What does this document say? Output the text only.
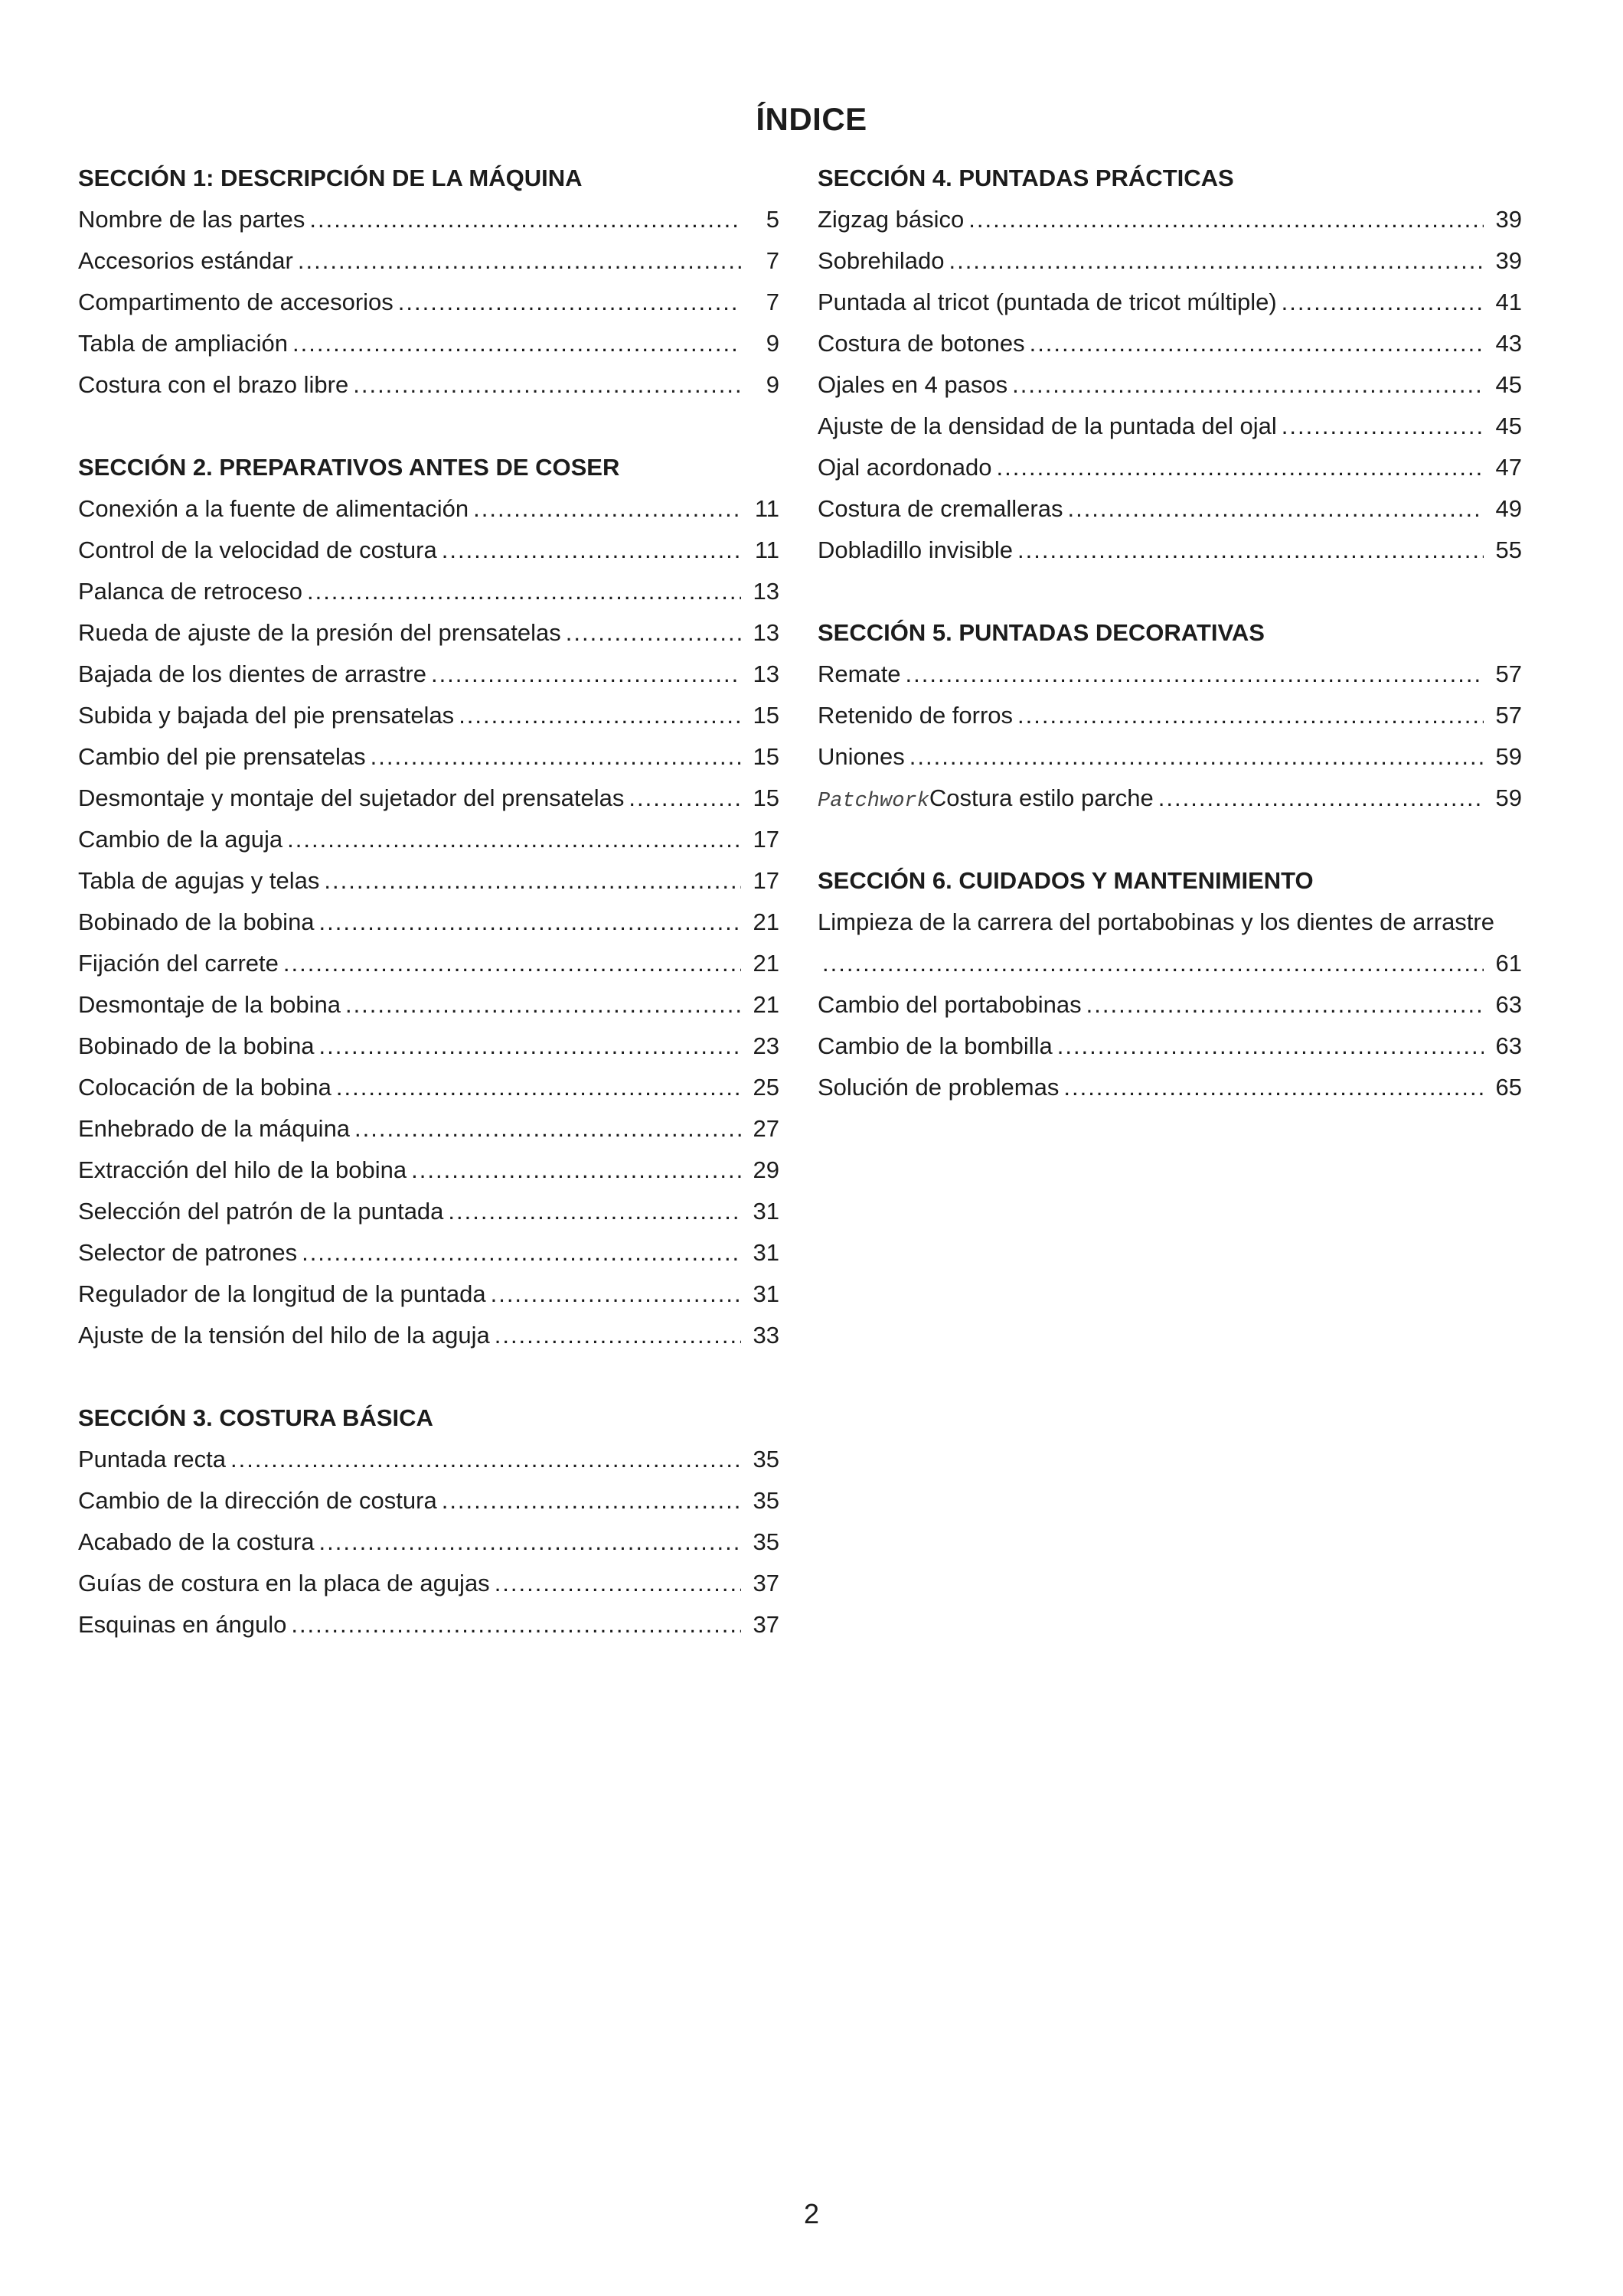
ÍNDICE
SECCIÓN 1: DESCRIPCIÓN DE LA MÁQUINA
Nombre de las partes .....	5
Accesorios estándar .....	7
Compartimento de accesorios .....	7
Tabla de ampliación .....	9
Costura con el brazo libre .....	9
SECCIÓN 2. PREPARATIVOS ANTES DE COSER
Conexión a la fuente de alimentación .....	11
Control de la velocidad de costura .....	11
Palanca de retroceso .....	13
Rueda de ajuste de la presión del prensatelas .....	13
Bajada de los dientes de arrastre .....	13
Subida y bajada del pie prensatelas .....	15
Cambio del pie prensatelas .....	15
Desmontaje y montaje del sujetador del prensatelas .....	15
Cambio de la aguja .....	17
Tabla de agujas y telas .....	17
Bobinado de la bobina .....	21
Fijación del carrete .....	21
Desmontaje de la bobina .....	21
Bobinado de la bobina .....	23
Colocación de la bobina .....	25
Enhebrado de la máquina .....	27
Extracción del hilo de la bobina .....	29
Selección del patrón de la puntada .....	31
Selector de patrones .....	31
Regulador de la longitud de la puntada .....	31
Ajuste de la tensión del hilo de la aguja .....	33
SECCIÓN 3. COSTURA BÁSICA
Puntada recta .....	35
Cambio de la dirección de costura .....	35
Acabado de la costura .....	35
Guías de costura en la placa de agujas .....	37
Esquinas en ángulo .....	37
SECCIÓN 4. PUNTADAS PRÁCTICAS
Zigzag básico .....	39
Sobrehilado .....	39
Puntada al tricot (puntada de tricot múltiple) .....	41
Costura de botones .....	43
Ojales en 4 pasos .....	45
Ajuste de la densidad de la puntada del ojal .....	45
Ojal acordonado .....	47
Costura de cremalleras .....	49
Dobladillo invisible .....	55
SECCIÓN 5. PUNTADAS DECORATIVAS
Remate .....	57
Retenido de forros .....	57
Uniones .....	59
PatchworkCostura estilo parche .....	59
SECCIÓN 6. CUIDADOS Y MANTENIMIENTO
Limpieza de la carrera del portabobinas y los dientes de arrastre
.....
61
Cambio del portabobinas .....	63
Cambio de la bombilla .....	63
Solución de problemas .....	65
2
